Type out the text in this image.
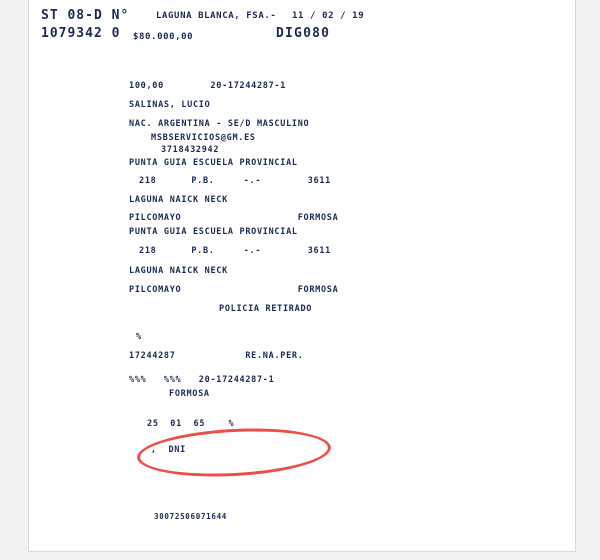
ST 08-D N°	LAGUNA BLANCA, FSA.- 11 / 02 / 19
1079342 0 $80.000,00	DIG080
100,00        20-17244287-1
SALINAS, LUCIO
NAC. ARGENTINA - SE/D MASCULINO
MSBSERVICIOS@GM.ES
3718432942
PUNTA GUIA ESCUELA PROVINCIAL
218      P.B.     -.-        3611
LAGUNA NAICK NECK
PILCOMAYO                    FORMOSA
PUNTA GUIA ESCUELA PROVINCIAL
218      P.B.     -.-        3611
LAGUNA NAICK NECK
PILCOMAYO                    FORMOSA
POLICIA RETIRADO
%
17244287            RE.NA.PER.
%%%   %%%   20-17244287-1
FORMOSA
25  01  65    %
,  DNI
30072506071644
